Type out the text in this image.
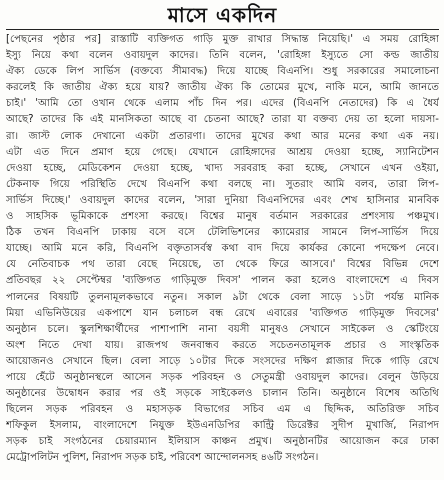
মাসে একদিন
[পেছনের পৃষ্ঠার পর] রাস্তাটি ব্যক্তিগত গাড়ি মুক্ত রাখার সিদ্ধান্ত নিয়েছি।' এ সময় রোহিঙ্গা
ইস্যু নিয়ে কথা বলেন ওবায়দুল কাদের। তিনি বলেন, 'রোহিঙ্গা ইস্যুতে সো কল্ড জাতীয়
ঐক্য ডেকে লিপ সার্ভিস (বক্তব্যে সীমাবদ্ধ) দিয়ে যাচ্ছে বিএনপি। শুধু সরকারের সমালোচনা
করলেই কি জাতীয় ঐক্য হয়ে যায়? জাতীয় ঐক্য কি তোমের মুখে, নাকি মনে, আমি জানতে
চাই।' 'আমি তো ওখান থেকে এলাম পাঁচ দিন পর। এদের (বিএনপি নেতাদের) কি এ ধৈর্য
আছে? তাদের কি এই মানসিকতা আছে বা চেতনা আছে? তারা যা বক্তব্য দেয় তা হলো দায়সা-
রা। জাস্ট লোক দেখানো একটা প্রতারণা। তাদের মুখের কথা আর মনের কথা এক নয়।
এটা এত দিনে প্রমাণ হয়ে গেছে। যেখানে রোহিঙ্গাদের আশ্রয় দেওয়া হচ্ছে, স্যানিটেশন
দেওয়া হচ্ছে, মেডিকেশন দেওয়া হচ্ছে, খাদ্য সরবরাহ করা হচ্ছে, সেখানে এখন ওইয়া,
টেকনাফ গিয়ে পরিস্থিতি দেখে বিএনপি কথা বলছে না। সুতরাং আমি বলব, তারা লিপ-
সার্ভিস দিচ্ছে।' ওবায়দুল কাদের বলেন, 'সারা দুনিয়া বিএনপিদের এবং শেখ হাসিনার মানবিক
ও সাহসিক ভূমিকাকে প্রশংসা করছে। বিশ্বের মানুষ বর্তমান সরকারের প্রশংসায় পঞ্চমুখ।
ঠিক তখন বিএনপি ঢাকায় বসে বসে টেলিভিশনের ক্যামেরার সামনে লিপ-সার্ভিস দিয়ে
যাচ্ছে। আমি মনে করি, বিএনপি বক্তৃতাসর্বস্ব কথা বাদ দিয়ে কার্যকর কোনো পদক্ষেপ নেবে।
যে নেতিবাচক পথ তারা বেছে নিয়েছে, তা থেকে ফিরে আসবে।' বিশ্বের বিভিন্ন দেশে
প্রতিবছর ২২ সেপ্টেম্বর 'ব্যক্তিগত গাড়িমুক্ত দিবস' পালন করা হলেও বাংলাদেশে এ দিবস
পালনের বিষয়টি তুলনামূলকভাবে নতুন। সকাল ৯টা থেকে বেলা সাড়ে ১১টা পর্যন্ত মানিক
মিয়া এভিনিউয়ের একপাশে যান চলাচল বন্ধ রেখে এবারের 'ব্যক্তিগত গাড়িমুক্ত দিবসের'
অনুষ্ঠান চলে। স্কুলশিক্ষার্থীদের পাশাপাশি নানা বয়সী মানুষও সেখানে সাইকেল ও স্কেটিংয়ে
অংশ নিতে দেখা যায়। রাজপথ জনবান্ধব করতে সচেতনতামূলক প্রচার ও সাংস্কৃতিক
আয়োজনও সেখানে ছিল। বেলা সাড়ে ১০টার দিকে সংসদের দক্ষিণ প্লাজার দিকে গাড়ি রেখে
পায়ে হেঁটে অনুষ্ঠানস্থলে আসেন সড়ক পরিবহন ও সেতুমন্ত্রী ওবায়দুল কাদের। বেলুন উড়িয়ে
অনুষ্ঠানের উদ্বোধন করার পর ওই সড়কে সাইকেলও চালান তিনি। অনুষ্ঠানে বিশেষ অতিথি
ছিলেন সড়ক পরিবহন ও মহাসড়ক বিভাগের সচিব এম এ ছিদ্দিক, অতিরিক্ত সচিব
শফিকুল ইসলাম, বাংলাদেশে নিযুক্ত ইউএনডিপির কান্ট্রি ডিরেক্টর সুদীপ মুখার্জি, নিরাপদ
সড়ক চাই সংগঠনের চেয়ারম্যান ইলিয়াস কাঞ্চন প্রমুখ। অনুষ্ঠানটির আয়োজন করে ঢাকা
মেট্রোপলিটন পুলিশ, নিরাপদ সড়ক চাই, পরিবেশ আন্দোলনসহ ৪৬টি সংগঠন।
